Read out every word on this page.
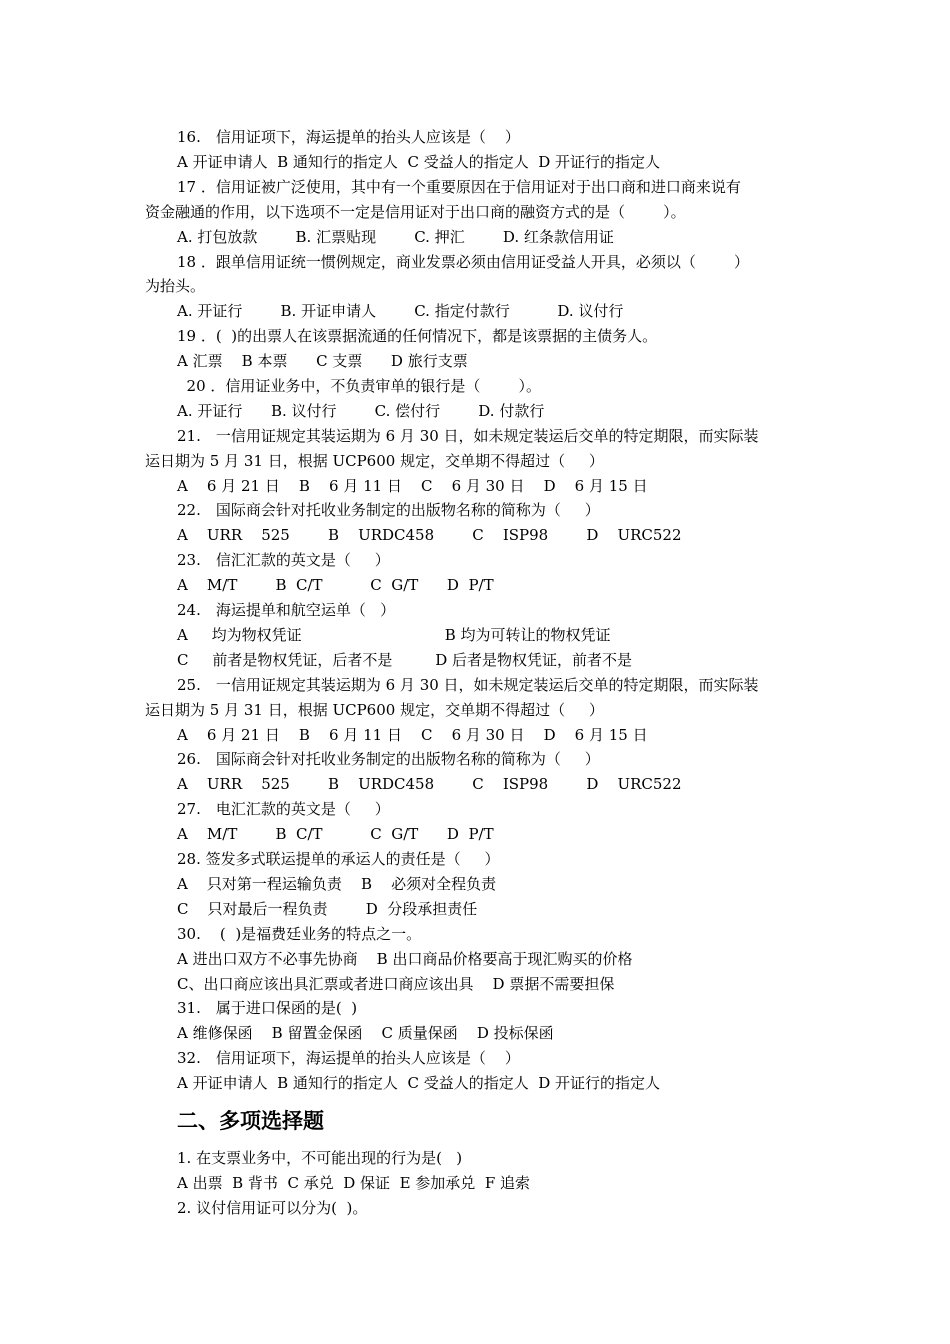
16.　信用证项下，海运提单的抬头人应该是（    ）
A 开证申请人  B 通知行的指定人  C 受益人的指定人  D 开证行的指定人
17 ．信用证被广泛使用，其中有一个重要原因在于信用证对于出口商和进口商来说有
资金融通的作用，以下选项不一定是信用证对于出口商的融资方式的是（        ）。
A. 打包放款        B. 汇票贴现        C. 押汇        D. 红条款信用证
18 ．跟单信用证统一惯例规定，商业发票必须由信用证受益人开具，必须以（        ）
为抬头。
A. 开证行        B. 开证申请人        C. 指定付款行          D. 议付行
19 ．(  )的出票人在该票据流通的任何情况下，都是该票据的主债务人。
A 汇票    B 本票      C 支票      D 旅行支票
20 ．信用证业务中，不负责审单的银行是（        ）。
A. 开证行      B. 议付行        C. 偿付行        D. 付款行
21.　一信用证规定其装运期为 6 月 30 日，如未规定装运后交单的特定期限，而实际装
运日期为 5 月 31 日，根据 UCP600 规定，交单期不得超过（     ）
A    6 月 21 日    B    6 月 11 日    C    6 月 30 日    D    6 月 15 日
22.　国际商会针对托收业务制定的出版物名称的简称为（     ）
A    URR    525        B    URDC458        C    ISP98        D    URC522
23.　信汇汇款的英文是（     ）
A    M/T        B  C/T          C  G/T      D  P/T
24.　海运提单和航空运单（   ）
A     均为物权凭证                              B 均为可转让的物权凭证
C     前者是物权凭证，后者不是         D 后者是物权凭证，前者不是
25.　一信用证规定其装运期为 6 月 30 日，如未规定装运后交单的特定期限，而实际装
运日期为 5 月 31 日，根据 UCP600 规定，交单期不得超过（     ）
A    6 月 21 日    B    6 月 11 日    C    6 月 30 日    D    6 月 15 日
26.　国际商会针对托收业务制定的出版物名称的简称为（     ）
A    URR    525        B    URDC458        C    ISP98        D    URC522
27.　电汇汇款的英文是（     ）
A    M/T        B  C/T          C  G/T      D  P/T
28. 签发多式联运提单的承运人的责任是（     ）
A    只对第一程运输负责    B    必须对全程负责
C    只对最后一程负责        D  分段承担责任
30.    (  )是福费廷业务的特点之一。
A 进出口双方不必事先协商    B 出口商品价格要高于现汇购买的价格
C、出口商应该出具汇票或者进口商应该出具    D 票据不需要担保
31.　属于进口保函的是(  )
A 维修保函    B 留置金保函    C 质量保函    D 投标保函
32.　信用证项下，海运提单的抬头人应该是（    ）
A 开证申请人  B 通知行的指定人  C 受益人的指定人  D 开证行的指定人
二、多项选择题
1. 在支票业务中，不可能出现的行为是(   )
A 出票  B 背书  C 承兑  D 保证  E 参加承兑  F 追索
2. 议付信用证可以分为(  )。
